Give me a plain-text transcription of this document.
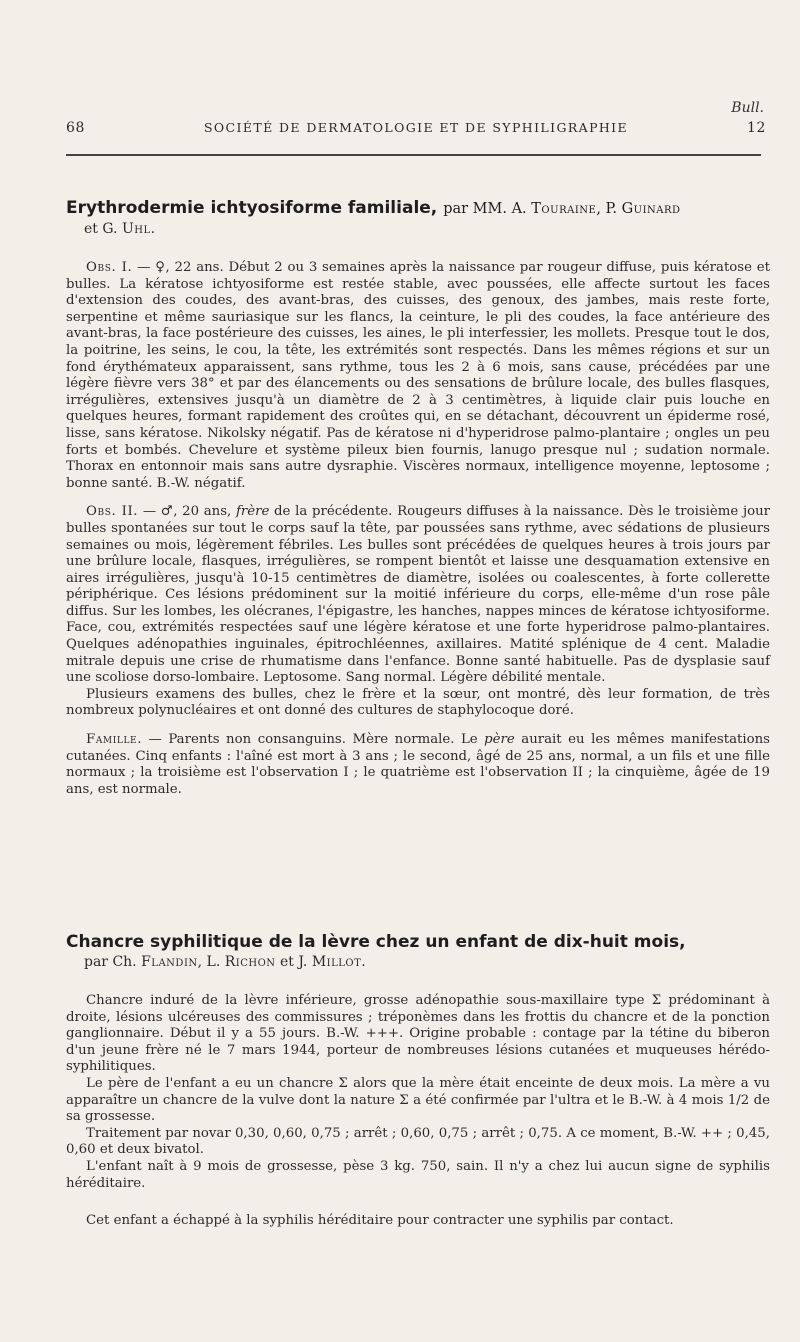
Bull.
68	SOCIÉTÉ DE DERMATOLOGIE ET DE SYPHILIGRAPHIE	12
Erythrodermie ichtyosiforme familiale, par MM. A. Touraine, P. Guinard

et G. Uhl.

Obs. I. — ♀, 22 ans. Début 2 ou 3 semaines après la naissance par rougeur diffuse, puis kératose et bulles. La kératose ichtyosiforme est restée stable, avec poussées, elle affecte surtout les faces d'extension des coudes, des avant-bras, des cuisses, des genoux, des jambes, mais reste forte, serpentine et même sauriasique sur les flancs, la ceinture, le pli des coudes, la face antérieure des avant-bras, la face postérieure des cuisses, les aines, le pli interfessier, les mollets. Presque tout le dos, la poitrine, les seins, le cou, la tête, les extrémités sont respectés. Dans les mêmes régions et sur un fond érythémateux apparaissent, sans rythme, tous les 2 à 6 mois, sans cause, précédées par une légère fièvre vers 38° et par des élancements ou des sensations de brûlure locale, des bulles flasques, irrégulières, extensives jusqu'à un diamètre de 2 à 3 centimètres, à liquide clair puis louche en quelques heures, formant rapidement des croûtes qui, en se détachant, découvrent un épiderme rosé, lisse, sans kératose. Nikolsky négatif. Pas de kératose ni d'hyperidrose palmo-plantaire ; ongles un peu forts et bombés. Chevelure et système pileux bien fournis, lanugo presque nul ; sudation normale. Thorax en entonnoir mais sans autre dysraphie. Viscères normaux, intelligence moyenne, leptosome ; bonne santé. B.-W. négatif.

Obs. II. — ♂, 20 ans, frère de la précédente. Rougeurs diffuses à la naissance. Dès le troisième jour bulles spontanées sur tout le corps sauf la tête, par poussées sans rythme, avec sédations de plusieurs semaines ou mois, légèrement fébriles. Les bulles sont précédées de quelques heures à trois jours par une brûlure locale, flasques, irrégulières, se rompent bientôt et laisse une desquamation extensive en aires irrégulières, jusqu'à 10-15 centimètres de diamètre, isolées ou coalescentes, à forte collerette périphérique. Ces lésions prédominent sur la moitié inférieure du corps, elle-même d'un rose pâle diffus. Sur les lombes, les olécranes, l'épigastre, les hanches, nappes minces de kératose ichtyosiforme. Face, cou, extrémités respectées sauf une légère kératose et une forte hyperidrose palmo-plantaires. Quelques adénopathies inguinales, épitrochléennes, axillaires. Matité splénique de 4 cent. Maladie mitrale depuis une crise de rhumatisme dans l'enfance. Bonne santé habituelle. Pas de dysplasie sauf une scoliose dorso-lombaire. Leptosome. Sang normal. Légère débilité mentale.

Plusieurs examens des bulles, chez le frère et la sœur, ont montré, dès leur formation, de très nombreux polynucléaires et ont donné des cultures de staphylocoque doré.

Famille. — Parents non consanguins. Mère normale. Le père aurait eu les mêmes manifestations cutanées. Cinq enfants : l'aîné est mort à 3 ans ; le second, âgé de 25 ans, normal, a un fils et une fille normaux ; la troisième est l'observation I ; le quatrième est l'observation II ; la cinquième, âgée de 19 ans, est normale.

Chancre syphilitique de la lèvre chez un enfant de dix-huit mois,

par Ch. Flandin, L. Richon et J. Millot.

Chancre induré de la lèvre inférieure, grosse adénopathie sous-maxillaire type Σ prédominant à droite, lésions ulcéreuses des commissures ; tréponèmes dans les frottis du chancre et de la ponction ganglionnaire. Début il y a 55 jours. B.-W. +++. Origine probable : contage par la tétine du biberon d'un jeune frère né le 7 mars 1944, porteur de nombreuses lésions cutanées et muqueuses hérédo-syphilitiques.

Le père de l'enfant a eu un chancre Σ alors que la mère était enceinte de deux mois. La mère a vu apparaître un chancre de la vulve dont la nature Σ a été confirmée par l'ultra et le B.-W. à 4 mois 1/2 de sa grossesse.

Traitement par novar 0,30, 0,60, 0,75 ; arrêt ; 0,60, 0,75 ; arrêt ; 0,75. A ce moment, B.-W. ++ ; 0,45, 0,60 et deux bivatol.

L'enfant naît à 9 mois de grossesse, pèse 3 kg. 750, sain. Il n'y a chez lui aucun signe de syphilis héréditaire.

Cet enfant a échappé à la syphilis héréditaire pour contracter une syphilis par contact.
